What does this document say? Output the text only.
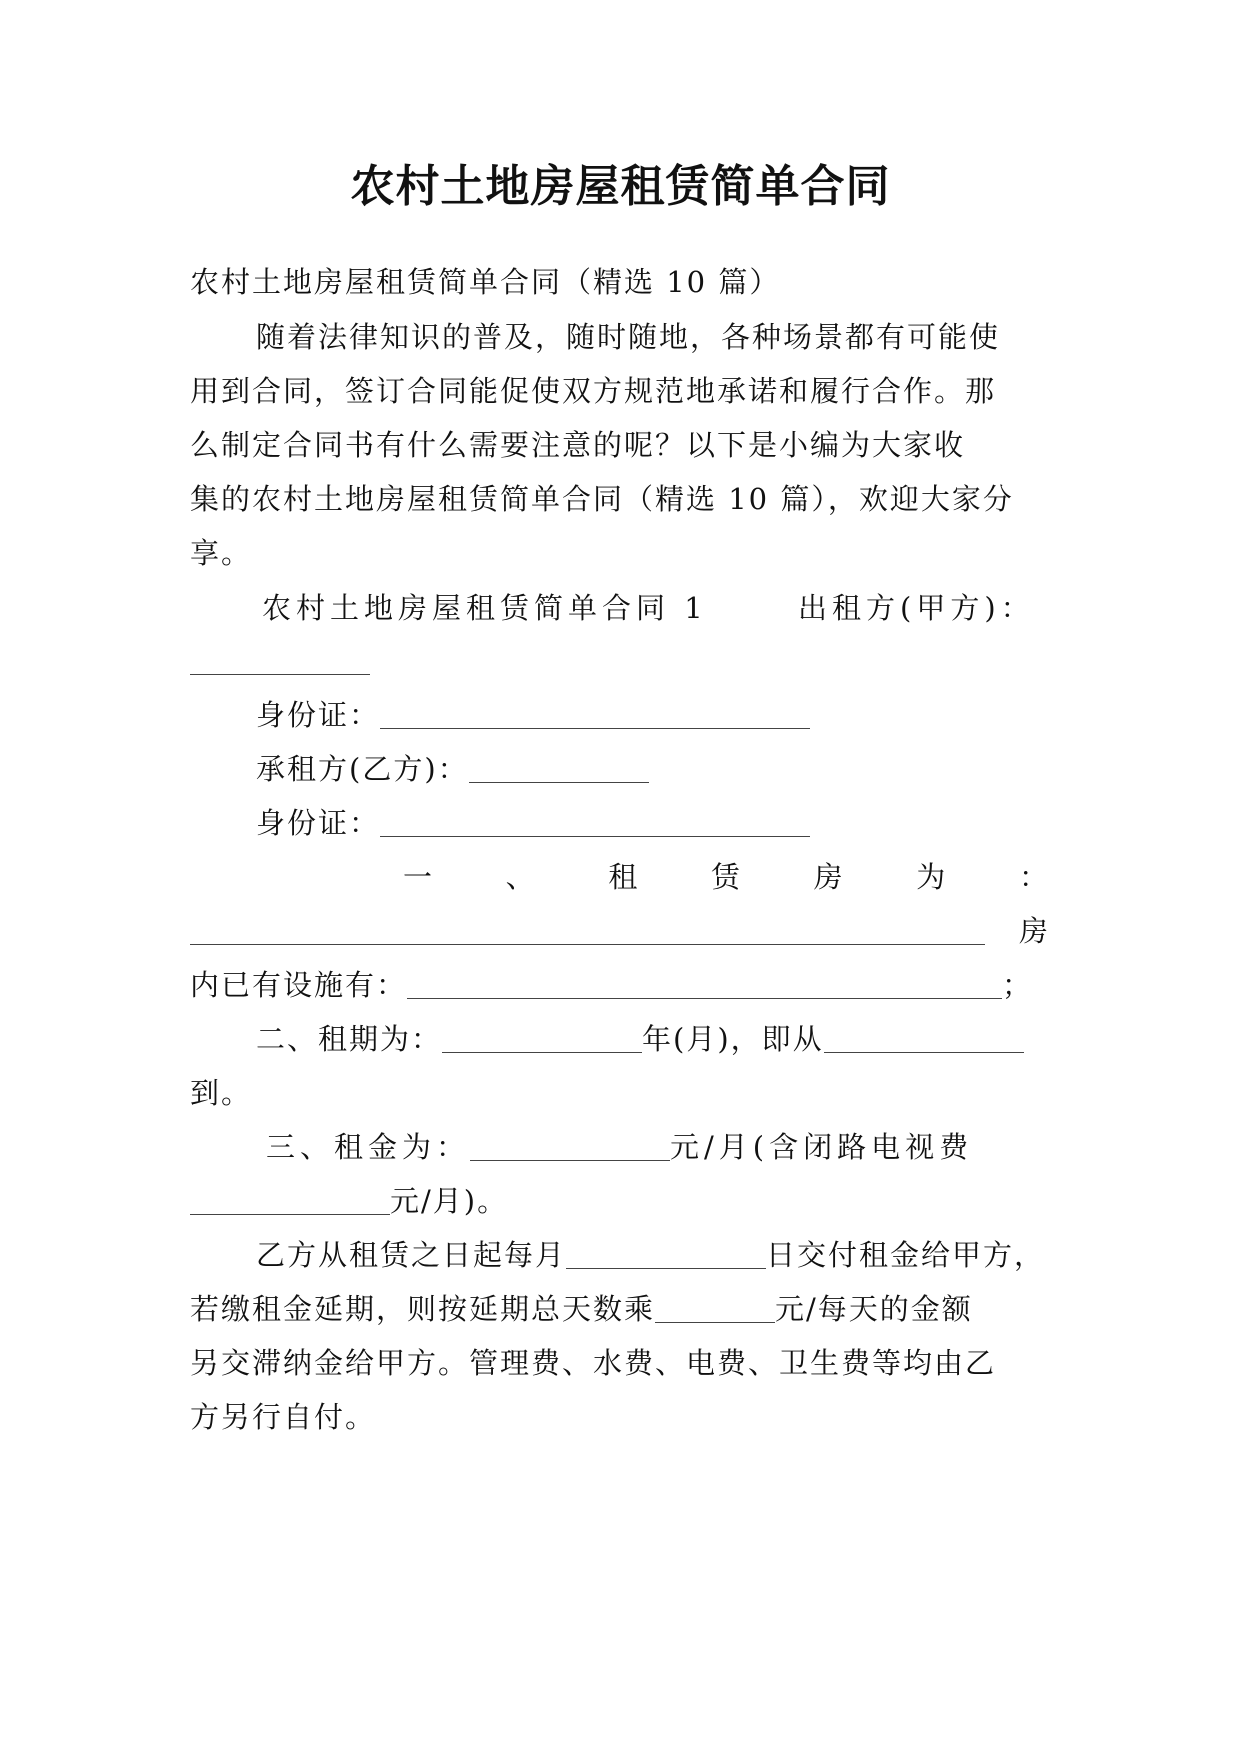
农村土地房屋租赁简单合同
农村土地房屋租赁简单合同（精选 10 篇）
随着法律知识的普及，随时随地，各种场景都有可能使
用到合同，签订合同能促使双方规范地承诺和履行合作。那
么制定合同书有什么需要注意的呢？以下是小编为大家收
集的农村土地房屋租赁简单合同（精选 10 篇），欢迎大家分
享。
农村土地房屋租赁简单合同 1	出租方(甲方)：
身份证：
承租方(乙方)：
身份证：
一 、 租 赁 房 为 ：
房
内已有设施有：	；
二、租期为：	年(月)，即从
到。
三、租金为：	元/月(含闭路电视费
元/月)。
乙方从租赁之日起每月	日交付租金给甲方，
若缴租金延期，则按延期总天数乘	元/每天的金额
另交滞纳金给甲方。管理费、水费、电费、卫生费等均由乙
方另行自付。
